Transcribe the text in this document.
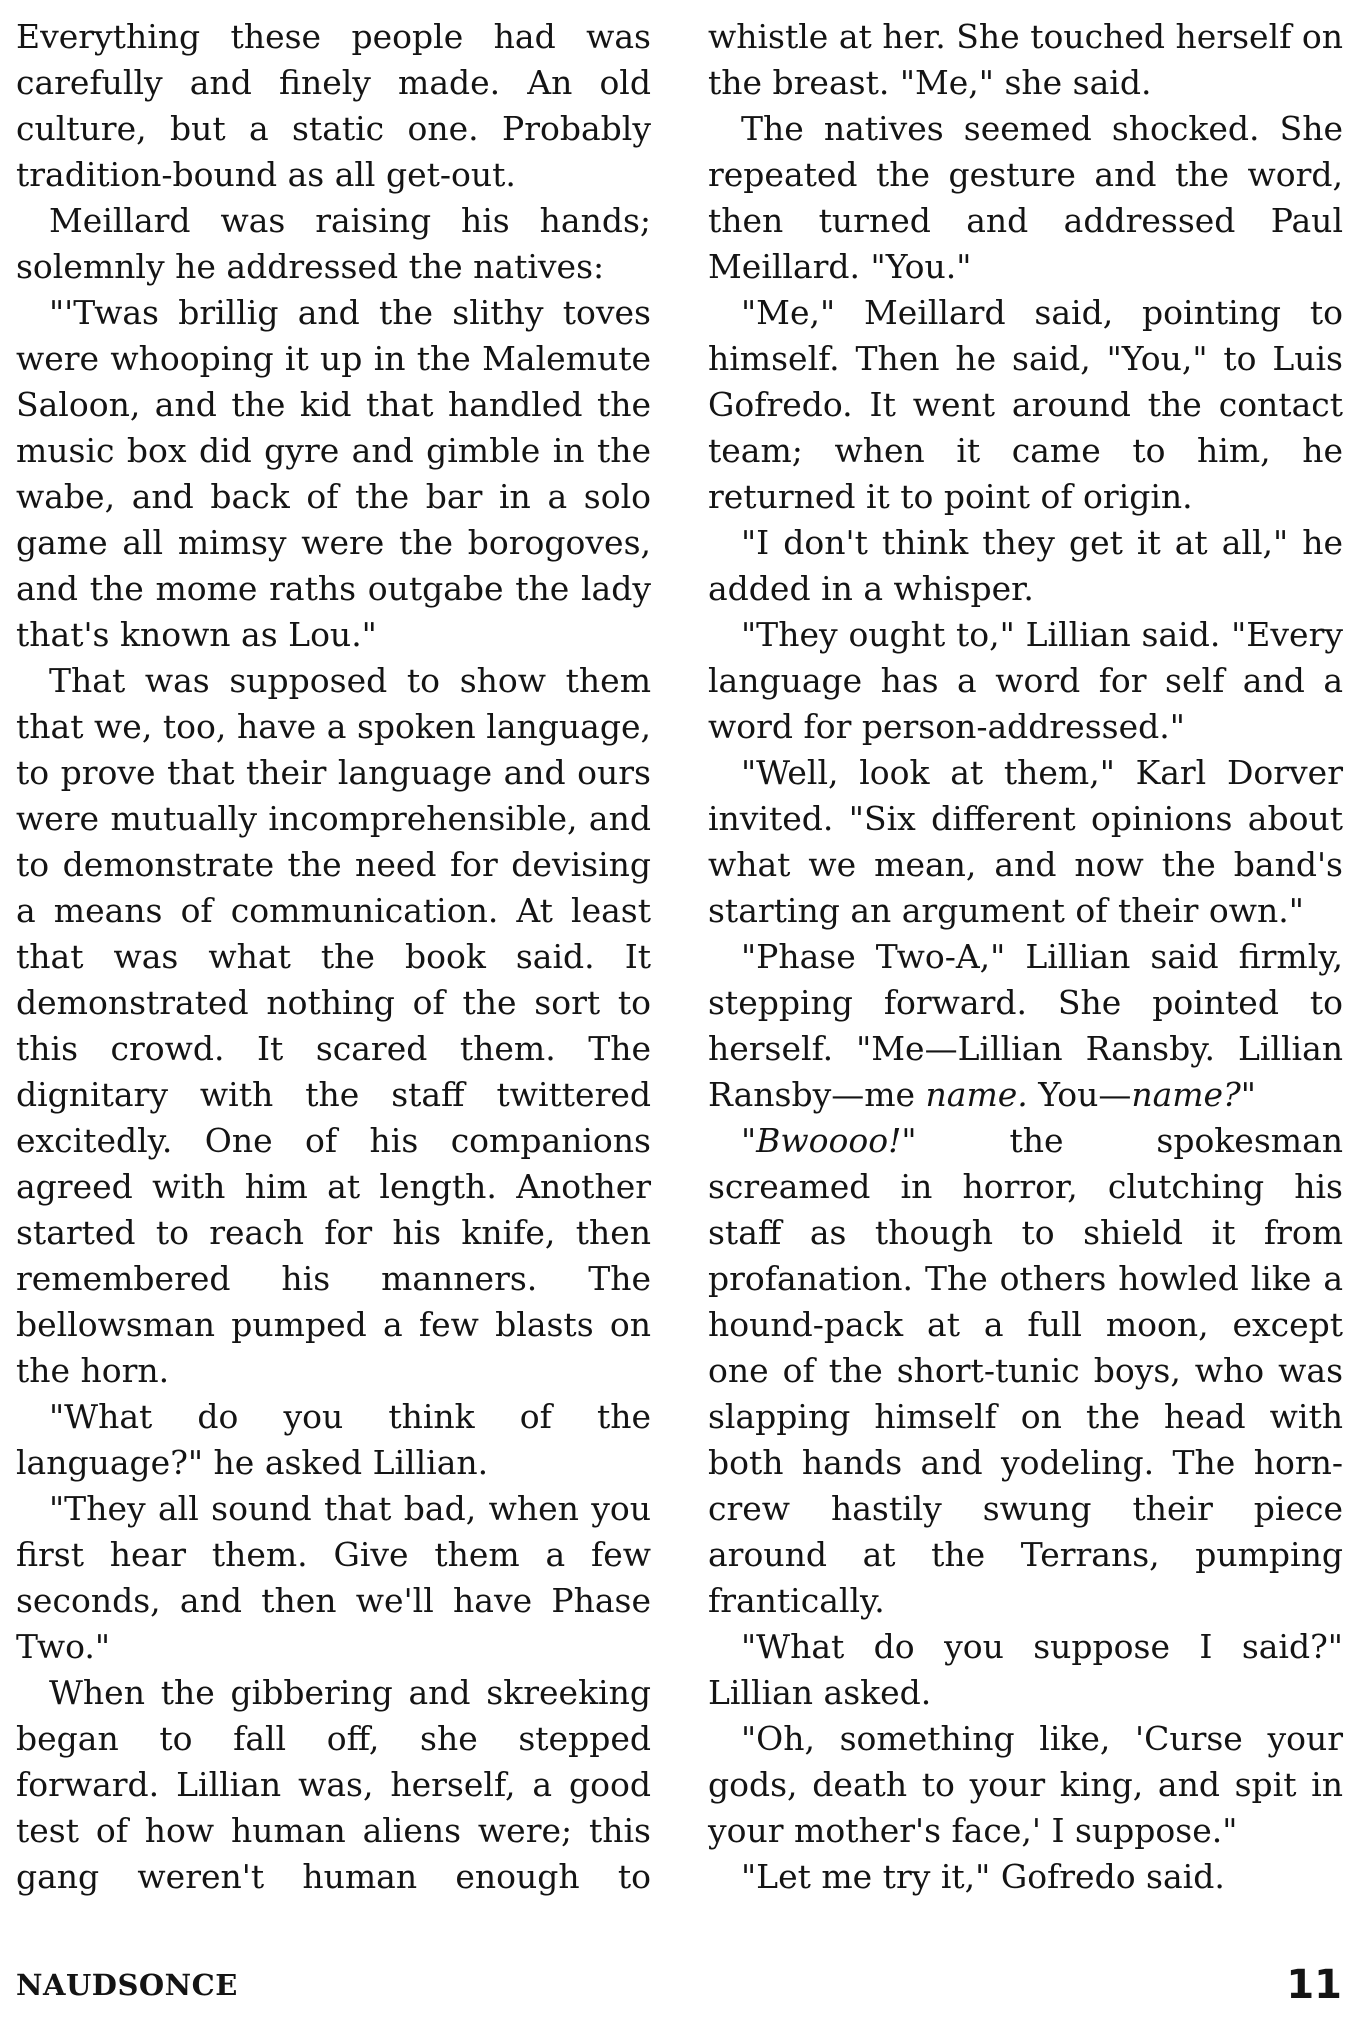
Everything these people had was carefully and finely made. An old culture, but a static one. Probably tradition-bound as all get-out.

Meillard was raising his hands; solemnly he addressed the natives:

"'Twas brillig and the slithy toves were whooping it up in the Malemute Saloon, and the kid that handled the music box did gyre and gimble in the wabe, and back of the bar in a solo game all mimsy were the borogoves, and the mome raths outgabe the lady that's known as Lou."

That was supposed to show them that we, too, have a spoken language, to prove that their language and ours were mutually incomprehensible, and to demonstrate the need for devising a means of communication. At least that was what the book said. It demonstrated nothing of the sort to this crowd. It scared them. The dignitary with the staff twittered excitedly. One of his companions agreed with him at length. Another started to reach for his knife, then remembered his manners. The bellowsman pumped a few blasts on the horn.

"What do you think of the language?" he asked Lillian.

"They all sound that bad, when you first hear them. Give them a few seconds, and then we'll have Phase Two."

When the gibbering and skreeking began to fall off, she stepped forward. Lillian was, herself, a good test of how human aliens were; this gang weren't human enough to

whistle at her. She touched herself on the breast. "Me," she said.

The natives seemed shocked. She repeated the gesture and the word, then turned and addressed Paul Meillard. "You."

"Me," Meillard said, pointing to himself. Then he said, "You," to Luis Gofredo. It went around the contact team; when it came to him, he returned it to point of origin.

"I don't think they get it at all," he added in a whisper.

"They ought to," Lillian said. "Every language has a word for self and a word for person-addressed."

"Well, look at them," Karl Dorver invited. "Six different opinions about what we mean, and now the band's starting an argument of their own."

"Phase Two-A," Lillian said firmly, stepping forward. She pointed to herself. "Me—Lillian Ransby. Lillian Ransby—me name. You—name?"

"Bwoooo!" the spokesman screamed in horror, clutching his staff as though to shield it from profanation. The others howled like a hound-pack at a full moon, except one of the short-tunic boys, who was slapping himself on the head with both hands and yodeling. The horn-crew hastily swung their piece around at the Terrans, pumping frantically.

"What do you suppose I said?" Lillian asked.

"Oh, something like, 'Curse your gods, death to your king, and spit in your mother's face,' I suppose."

"Let me try it," Gofredo said.

NAUDSONCE	11
